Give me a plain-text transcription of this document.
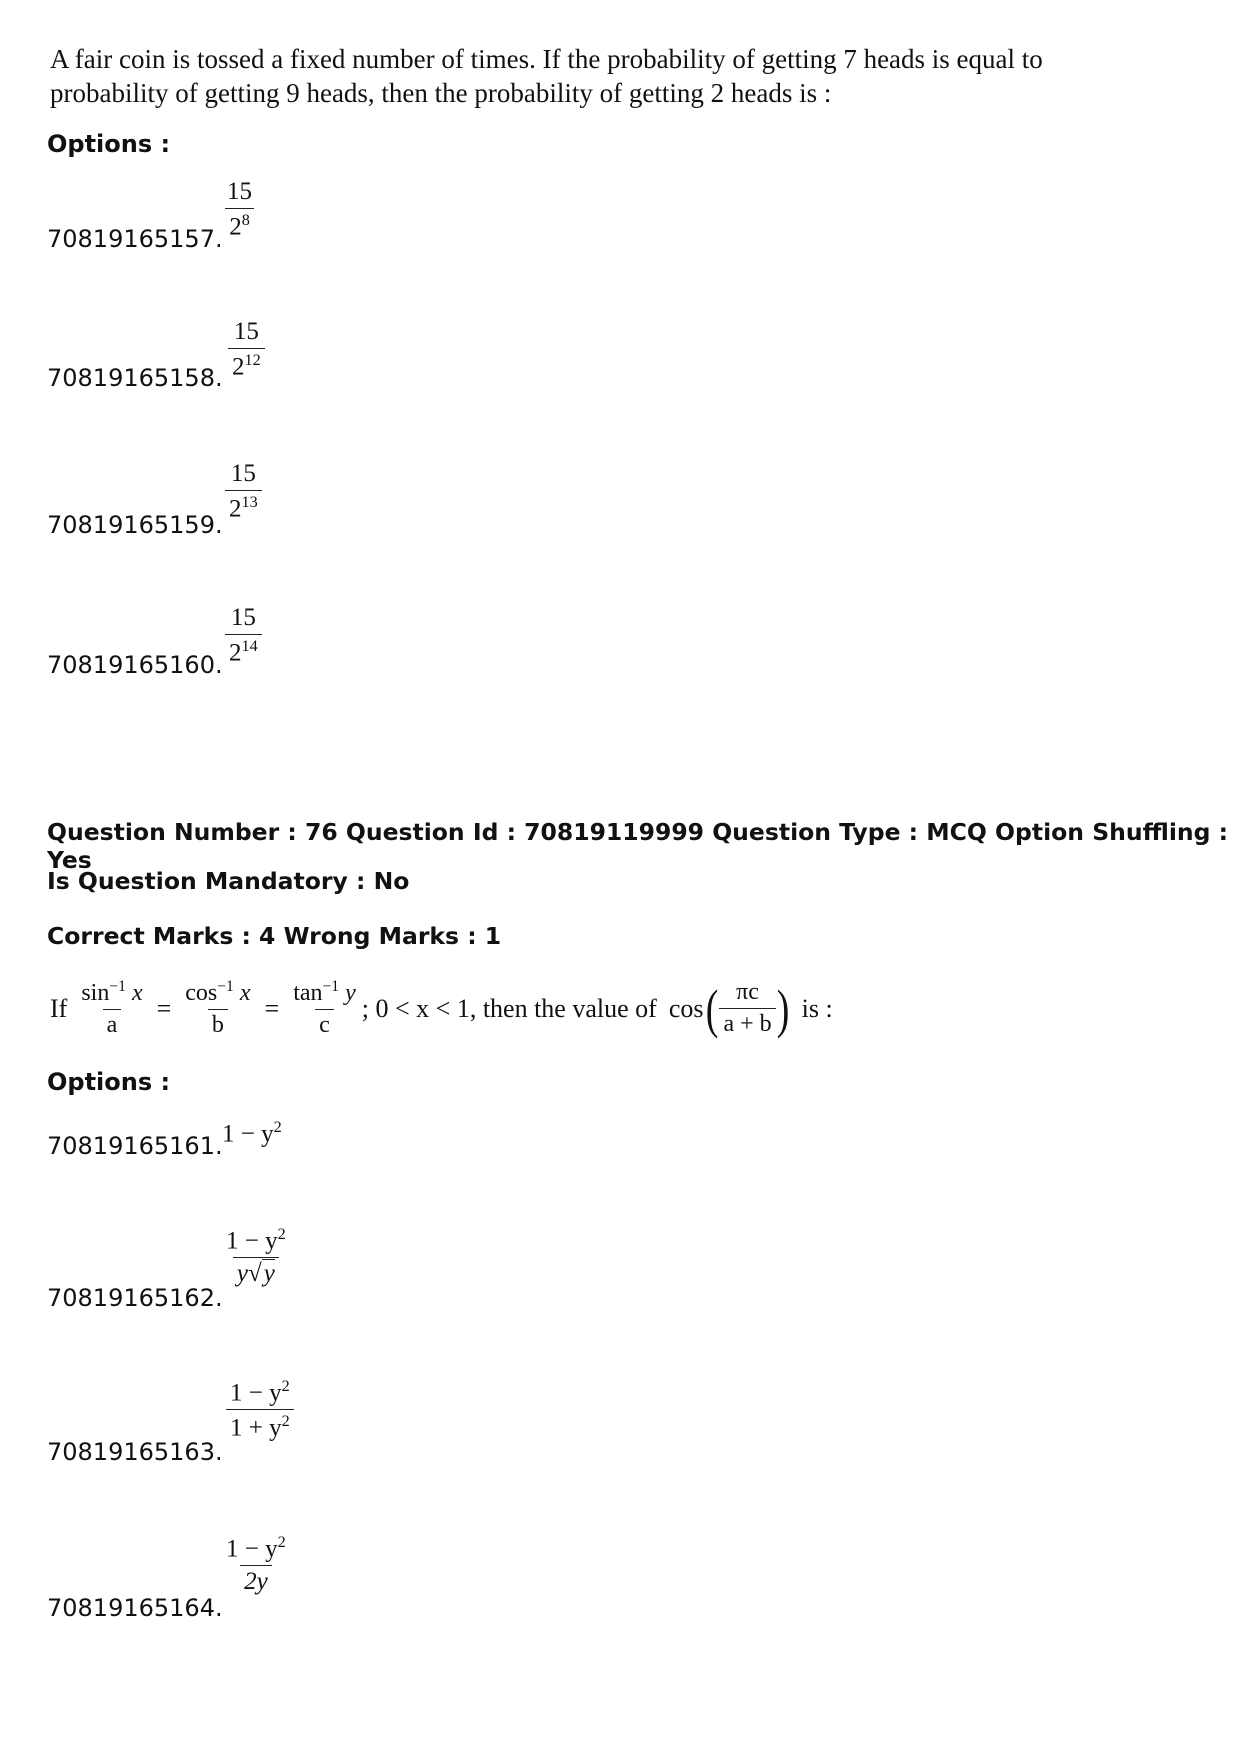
A fair coin is tossed a fixed number of times. If the probability of getting 7 heads is equal to
probability of getting 9 heads, then the probability of getting 2 heads is :
Options :
70819165157. $\frac{15}{2^8}$
70819165158. $\frac{15}{2^{12}}$
70819165159.
$\frac{15}{2^{13}}$
70819165160. $\frac{15}{2^{14}}$
Question Number : 76 Question Id : 70819119999 Question Type : MCQ Option Shuffling : Yes
Is Question Mandatory : No
Correct Marks : 4 Wrong Marks : 1
If $\frac{\sin^{-1} x}{a} = \frac{\cos^{-1} x}{b} = \frac{\tan^{-1} y}{c}$ ; 0 < x < 1, then the value of cos ( $\frac{\pi c}{a + b}$ ) is :
Options :
70819165161. $1 - y^2$
70819165162.
$\frac{1 - y^2}{y√y}$
70819165163.
$\frac{1 - y^2}{1 + y^2}$
70819165164.
$\frac{1 - y^2}{2y}$
